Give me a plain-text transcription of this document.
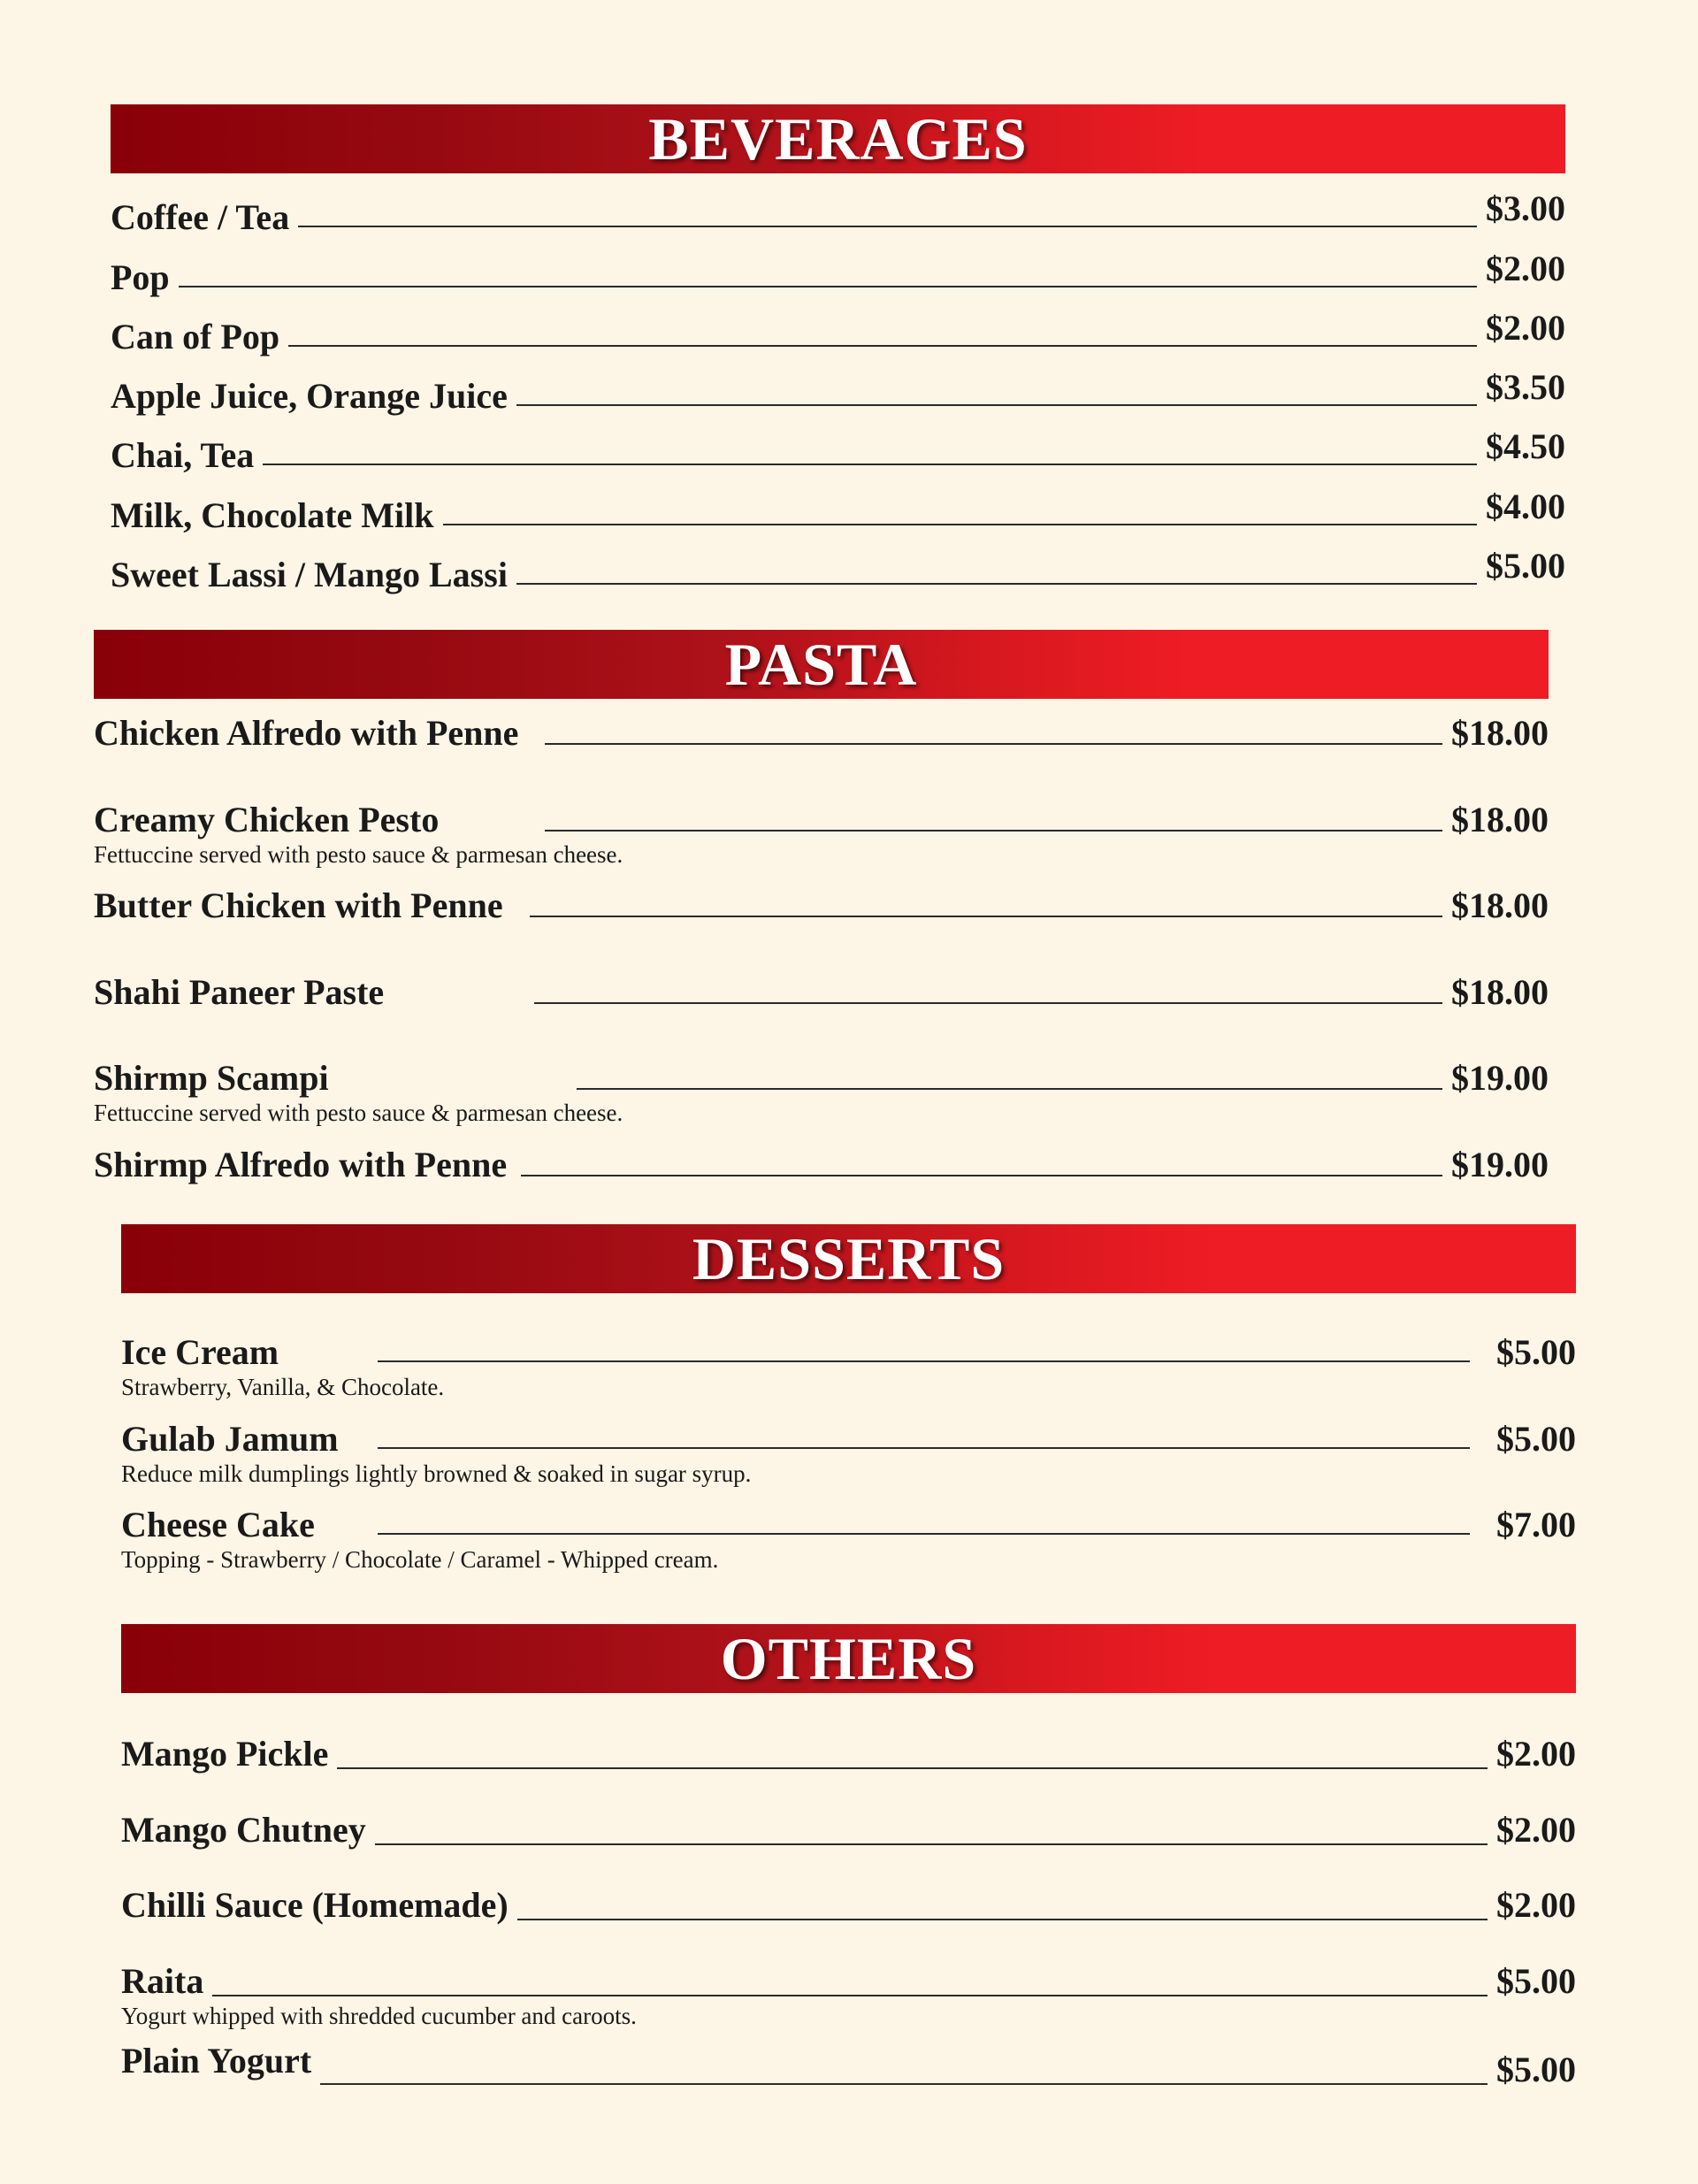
BEVERAGES
Coffee / Tea	$3.00
Pop	$2.00
Can of Pop	$2.00
Apple Juice, Orange Juice	$3.50
Chai, Tea	$4.50
Milk, Chocolate Milk	$4.00
Sweet Lassi / Mango Lassi	$5.00
PASTA
Chicken Alfredo with Penne	$18.00
Creamy Chicken Pesto	$18.00
Fettuccine served with pesto sauce & parmesan cheese.
Butter Chicken with Penne	$18.00
Shahi Paneer Paste	$18.00
Shirmp Scampi	$19.00
Fettuccine served with pesto sauce & parmesan cheese.
Shirmp Alfredo with Penne	$19.00
DESSERTS
Ice Cream	$5.00
Strawberry, Vanilla, & Chocolate.
Gulab Jamum	$5.00
Reduce milk dumplings lightly browned & soaked in sugar syrup.
Cheese Cake	$7.00
Topping - Strawberry / Chocolate / Caramel - Whipped cream.
OTHERS
Mango Pickle	$2.00
Mango Chutney	$2.00
Chilli Sauce (Homemade)	$2.00
Raita	$5.00
Yogurt whipped with shredded cucumber and caroots.
Plain Yogurt	$5.00
